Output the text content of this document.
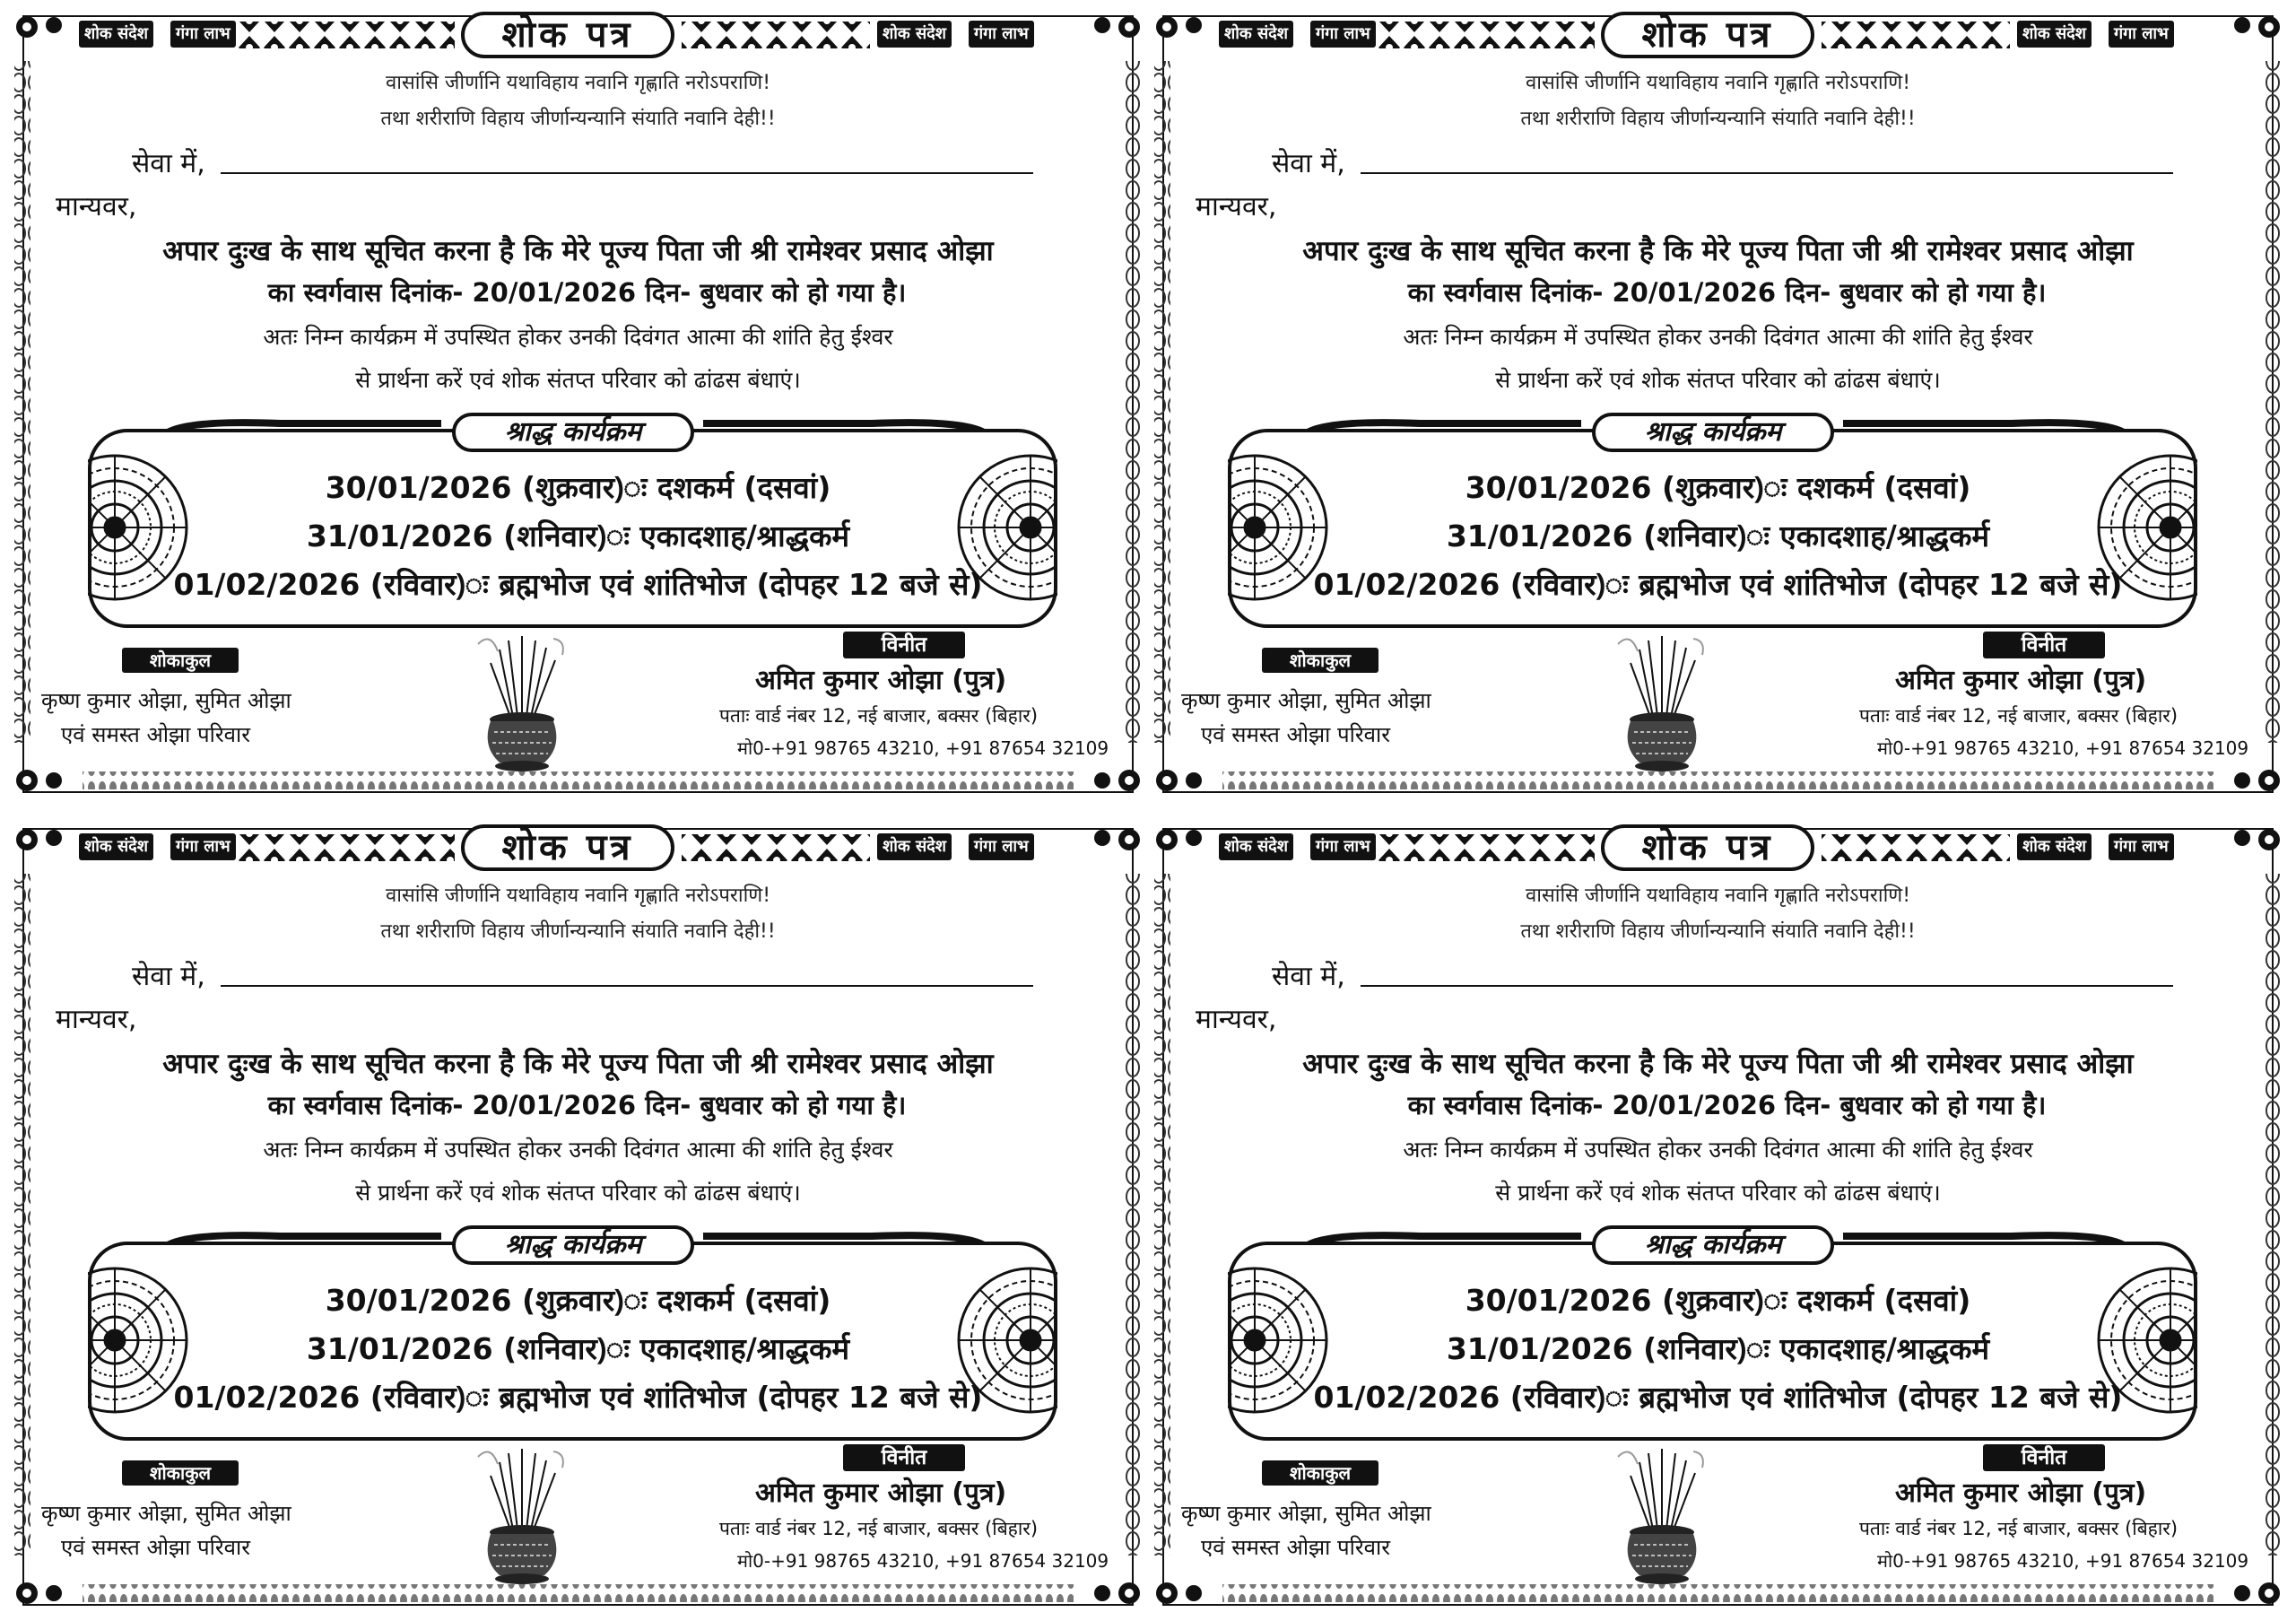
शोक संदेश	गंगा लाभ	शोक पत्र	शोक संदेश	गंगा लाभ
वासांसि जीर्णानि यथाविहाय नवानि गृह्णाति नरोऽपराणि!
तथा शरीराणि विहाय जीर्णान्यन्यानि संयाति नवानि देही!!
सेवा में,
मान्यवर,
अपार दुःख के साथ सूचित करना है कि मेरे पूज्य पिता जी श्री रामेश्वर प्रसाद ओझा
का स्वर्गवास दिनांक- 20/01/2026 दिन- बुधवार को हो गया है।
अतः निम्न कार्यक्रम में उपस्थित होकर उनकी दिवंगत आत्मा की शांति हेतु ईश्वर
से प्रार्थना करें एवं शोक संतप्त परिवार को ढांढस बंधाएं।
श्राद्ध कार्यक्रम
30/01/2026 (शुक्रवार)ः दशकर्म (दसवां)
31/01/2026 (शनिवार)ः एकादशाह/श्राद्धकर्म
01/02/2026 (रविवार)ः ब्रह्मभोज एवं शांतिभोज (दोपहर 12 बजे से)
शोकाकुल
कृष्ण कुमार ओझा, सुमित ओझा
एवं समस्त ओझा परिवार
विनीत
अमित कुमार ओझा (पुत्र)
पताः वार्ड नंबर 12, नई बाजार, बक्सर (बिहार)
मो0-+91 98765 43210, +91 87654 32109
शोक संदेश	गंगा लाभ	शोक पत्र	शोक संदेश	गंगा लाभ
वासांसि जीर्णानि यथाविहाय नवानि गृह्णाति नरोऽपराणि!
तथा शरीराणि विहाय जीर्णान्यन्यानि संयाति नवानि देही!!
सेवा में,
मान्यवर,
अपार दुःख के साथ सूचित करना है कि मेरे पूज्य पिता जी श्री रामेश्वर प्रसाद ओझा
का स्वर्गवास दिनांक- 20/01/2026 दिन- बुधवार को हो गया है।
अतः निम्न कार्यक्रम में उपस्थित होकर उनकी दिवंगत आत्मा की शांति हेतु ईश्वर
से प्रार्थना करें एवं शोक संतप्त परिवार को ढांढस बंधाएं।
श्राद्ध कार्यक्रम
30/01/2026 (शुक्रवार)ः दशकर्म (दसवां)
31/01/2026 (शनिवार)ः एकादशाह/श्राद्धकर्म
01/02/2026 (रविवार)ः ब्रह्मभोज एवं शांतिभोज (दोपहर 12 बजे से)
शोकाकुल
कृष्ण कुमार ओझा, सुमित ओझा
एवं समस्त ओझा परिवार
विनीत
अमित कुमार ओझा (पुत्र)
पताः वार्ड नंबर 12, नई बाजार, बक्सर (बिहार)
मो0-+91 98765 43210, +91 87654 32109
शोक संदेश	गंगा लाभ	शोक पत्र	शोक संदेश	गंगा लाभ
वासांसि जीर्णानि यथाविहाय नवानि गृह्णाति नरोऽपराणि!
तथा शरीराणि विहाय जीर्णान्यन्यानि संयाति नवानि देही!!
सेवा में,
मान्यवर,
अपार दुःख के साथ सूचित करना है कि मेरे पूज्य पिता जी श्री रामेश्वर प्रसाद ओझा
का स्वर्गवास दिनांक- 20/01/2026 दिन- बुधवार को हो गया है।
अतः निम्न कार्यक्रम में उपस्थित होकर उनकी दिवंगत आत्मा की शांति हेतु ईश्वर
से प्रार्थना करें एवं शोक संतप्त परिवार को ढांढस बंधाएं।
श्राद्ध कार्यक्रम
30/01/2026 (शुक्रवार)ः दशकर्म (दसवां)
31/01/2026 (शनिवार)ः एकादशाह/श्राद्धकर्म
01/02/2026 (रविवार)ः ब्रह्मभोज एवं शांतिभोज (दोपहर 12 बजे से)
शोकाकुल
कृष्ण कुमार ओझा, सुमित ओझा
एवं समस्त ओझा परिवार
विनीत
अमित कुमार ओझा (पुत्र)
पताः वार्ड नंबर 12, नई बाजार, बक्सर (बिहार)
मो0-+91 98765 43210, +91 87654 32109
शोक संदेश	गंगा लाभ	शोक पत्र	शोक संदेश	गंगा लाभ
वासांसि जीर्णानि यथाविहाय नवानि गृह्णाति नरोऽपराणि!
तथा शरीराणि विहाय जीर्णान्यन्यानि संयाति नवानि देही!!
सेवा में,
मान्यवर,
अपार दुःख के साथ सूचित करना है कि मेरे पूज्य पिता जी श्री रामेश्वर प्रसाद ओझा
का स्वर्गवास दिनांक- 20/01/2026 दिन- बुधवार को हो गया है।
अतः निम्न कार्यक्रम में उपस्थित होकर उनकी दिवंगत आत्मा की शांति हेतु ईश्वर
से प्रार्थना करें एवं शोक संतप्त परिवार को ढांढस बंधाएं।
श्राद्ध कार्यक्रम
30/01/2026 (शुक्रवार)ः दशकर्म (दसवां)
31/01/2026 (शनिवार)ः एकादशाह/श्राद्धकर्म
01/02/2026 (रविवार)ः ब्रह्मभोज एवं शांतिभोज (दोपहर 12 बजे से)
शोकाकुल
कृष्ण कुमार ओझा, सुमित ओझा
एवं समस्त ओझा परिवार
विनीत
अमित कुमार ओझा (पुत्र)
पताः वार्ड नंबर 12, नई बाजार, बक्सर (बिहार)
मो0-+91 98765 43210, +91 87654 32109
